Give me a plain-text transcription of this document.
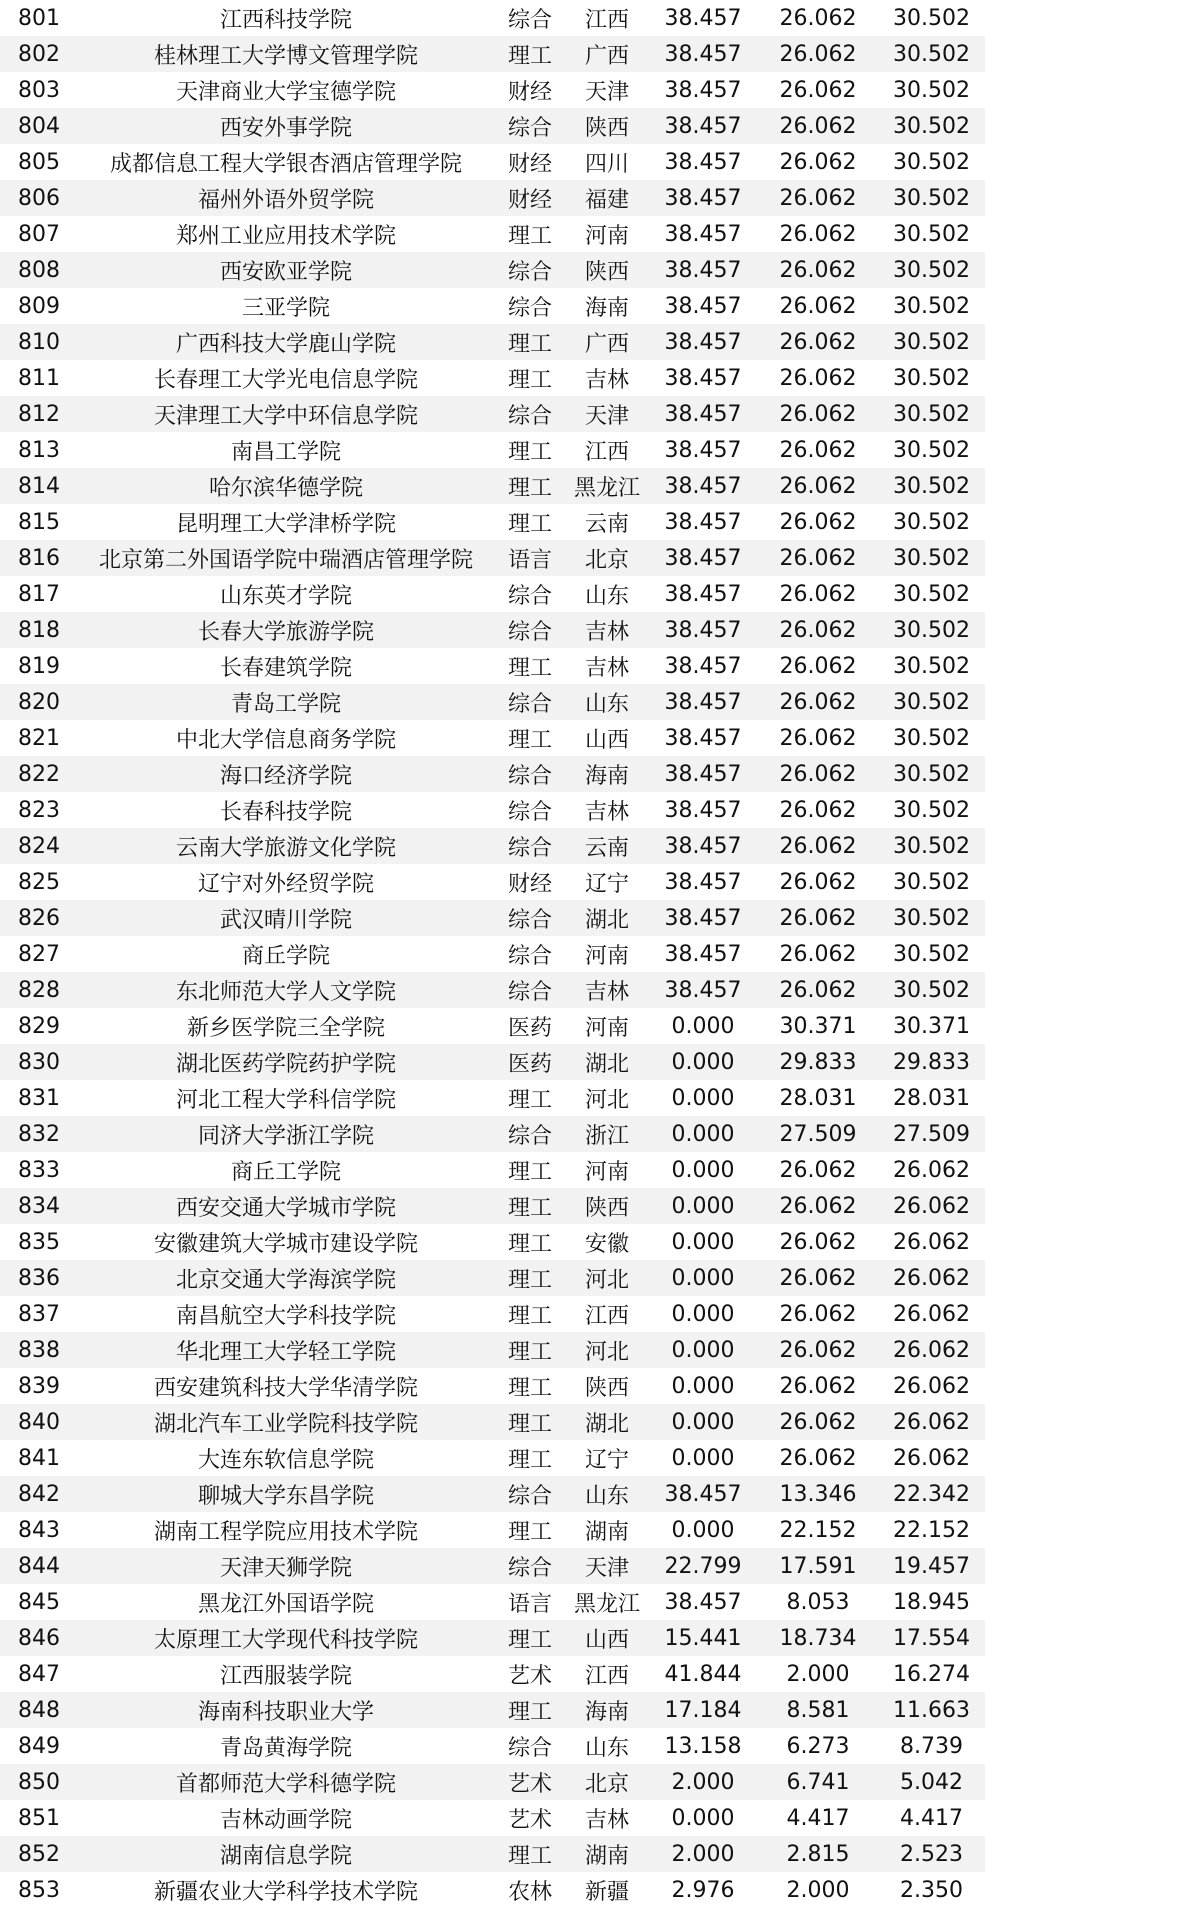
801	江西科技学院	综合	江西	38.457	26.062	30.502
802	桂林理工大学博文管理学院	理工	广西	38.457	26.062	30.502
803	天津商业大学宝德学院	财经	天津	38.457	26.062	30.502
804	西安外事学院	综合	陕西	38.457	26.062	30.502
805	成都信息工程大学银杏酒店管理学院	财经	四川	38.457	26.062	30.502
806	福州外语外贸学院	财经	福建	38.457	26.062	30.502
807	郑州工业应用技术学院	理工	河南	38.457	26.062	30.502
808	西安欧亚学院	综合	陕西	38.457	26.062	30.502
809	三亚学院	综合	海南	38.457	26.062	30.502
810	广西科技大学鹿山学院	理工	广西	38.457	26.062	30.502
811	长春理工大学光电信息学院	理工	吉林	38.457	26.062	30.502
812	天津理工大学中环信息学院	综合	天津	38.457	26.062	30.502
813	南昌工学院	理工	江西	38.457	26.062	30.502
814	哈尔滨华德学院	理工 黑龙江	38.457	26.062	30.502
815	昆明理工大学津桥学院	理工	云南	38.457	26.062	30.502
816	北京第二外国语学院中瑞酒店管理学院	语言	北京	38.457	26.062	30.502
817	山东英才学院	综合	山东	38.457	26.062	30.502
818	长春大学旅游学院	综合	吉林	38.457	26.062	30.502
819	长春建筑学院	理工	吉林	38.457	26.062	30.502
820	青岛工学院	综合	山东	38.457	26.062	30.502
821	中北大学信息商务学院	理工	山西	38.457	26.062	30.502
822	海口经济学院	综合	海南	38.457	26.062	30.502
823	长春科技学院	综合	吉林	38.457	26.062	30.502
824	云南大学旅游文化学院	综合	云南	38.457	26.062	30.502
825	辽宁对外经贸学院	财经	辽宁	38.457	26.062	30.502
826	武汉晴川学院	综合	湖北	38.457	26.062	30.502
827	商丘学院	综合	河南	38.457	26.062	30.502
828	东北师范大学人文学院	综合	吉林	38.457	26.062	30.502
829	新乡医学院三全学院	医药	河南	0.000	30.371	30.371
830	湖北医药学院药护学院	医药	湖北	0.000	29.833	29.833
831	河北工程大学科信学院	理工	河北	0.000	28.031	28.031
832	同济大学浙江学院	综合	浙江	0.000	27.509	27.509
833	商丘工学院	理工	河南	0.000	26.062	26.062
834	西安交通大学城市学院	理工	陕西	0.000	26.062	26.062
835	安徽建筑大学城市建设学院	理工	安徽	0.000	26.062	26.062
836	北京交通大学海滨学院	理工	河北	0.000	26.062	26.062
837	南昌航空大学科技学院	理工	江西	0.000	26.062	26.062
838	华北理工大学轻工学院	理工	河北	0.000	26.062	26.062
839	西安建筑科技大学华清学院	理工	陕西	0.000	26.062	26.062
840	湖北汽车工业学院科技学院	理工	湖北	0.000	26.062	26.062
841	大连东软信息学院	理工	辽宁	0.000	26.062	26.062
842	聊城大学东昌学院	综合	山东	38.457	13.346	22.342
843	湖南工程学院应用技术学院	理工	湖南	0.000	22.152	22.152
844	天津天狮学院	综合	天津	22.799	17.591	19.457
845	黑龙江外国语学院	语言 黑龙江	38.457	8.053	18.945
846	太原理工大学现代科技学院	理工	山西	15.441	18.734	17.554
847	江西服装学院	艺术	江西	41.844	2.000	16.274
848	海南科技职业大学	理工	海南	17.184	8.581	11.663
849	青岛黄海学院	综合	山东	13.158	6.273	8.739
850	首都师范大学科德学院	艺术	北京	2.000	6.741	5.042
851	吉林动画学院	艺术	吉林	0.000	4.417	4.417
852	湖南信息学院	理工	湖南	2.000	2.815	2.523
853	新疆农业大学科学技术学院	农林	新疆	2.976	2.000	2.350
